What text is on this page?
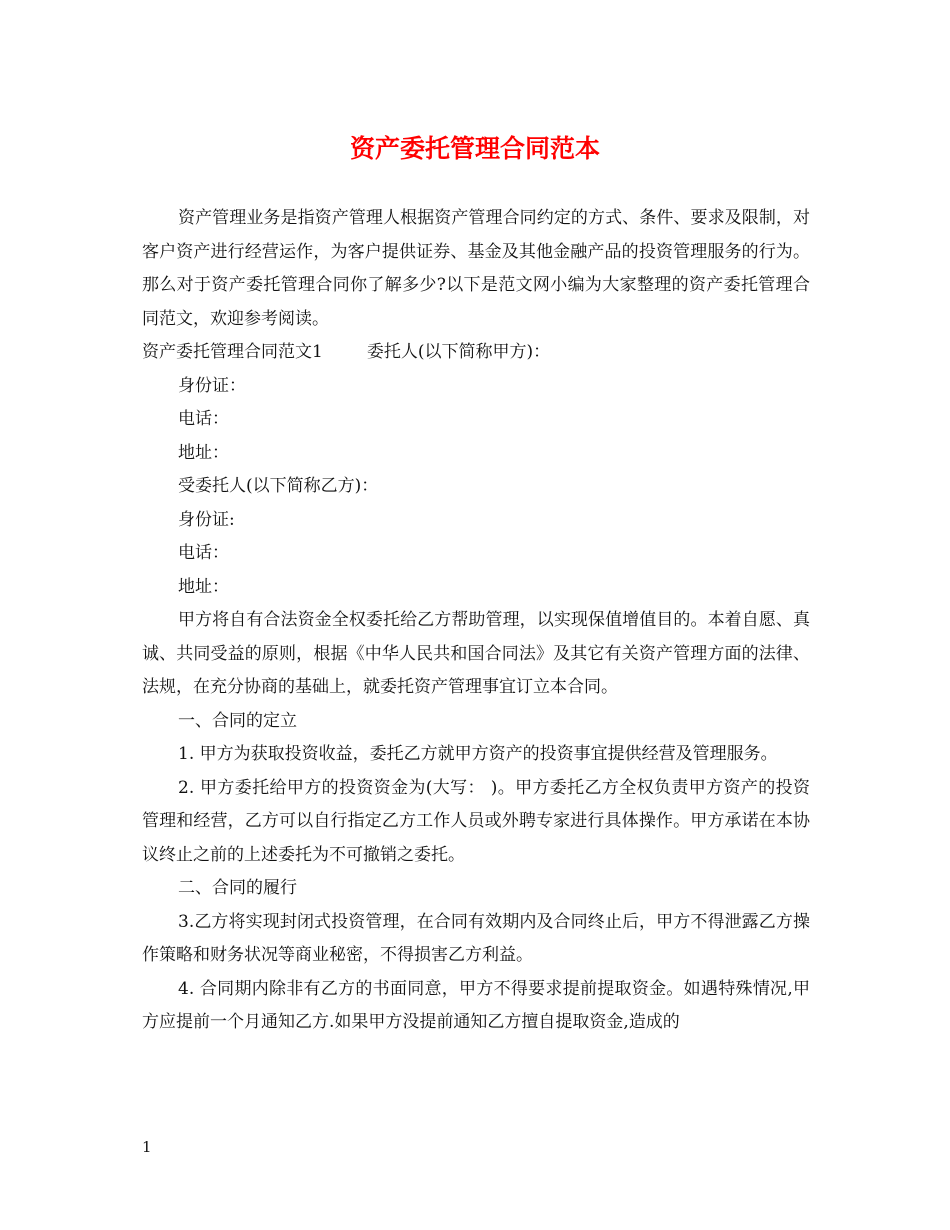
资产委托管理合同范本

资产管理业务是指资产管理人根据资产管理合同约定的方式、条件、要求及限制，对客户资产进行经营运作，为客户提供证券、基金及其他金融产品的投资管理服务的行为。那么对于资产委托管理合同你了解多少?以下是范文网小编为大家整理的资产委托管理合同范文，欢迎参考阅读。

资产委托管理合同范文1	委托人(以下简称甲方)：

身份证：

电话：

地址：

受委托人(以下简称乙方)：

身份证:

电话：

地址：

甲方将自有合法资金全权委托给乙方帮助管理，以实现保值增值目的。本着自愿、真诚、共同受益的原则，根据《中华人民共和国合同法》及其它有关资产管理方面的法律、法规，在充分协商的基础上，就委托资产管理事宜订立本合同。

一、合同的定立

1. 甲方为获取投资收益，委托乙方就甲方资产的投资事宜提供经营及管理服务。

2. 甲方委托给甲方的投资资金为(大写： )。甲方委托乙方全权负责甲方资产的投资管理和经营，乙方可以自行指定乙方工作人员或外聘专家进行具体操作。甲方承诺在本协议终止之前的上述委托为不可撤销之委托。

二、合同的履行

3.乙方将实现封闭式投资管理，在合同有效期内及合同终止后，甲方不得泄露乙方操作策略和财务状况等商业秘密，不得损害乙方利益。

4. 合同期内除非有乙方的书面同意，甲方不得要求提前提取资金。如遇特殊情况,甲方应提前一个月通知乙方.如果甲方没提前通知乙方擅自提取资金,造成的

1
